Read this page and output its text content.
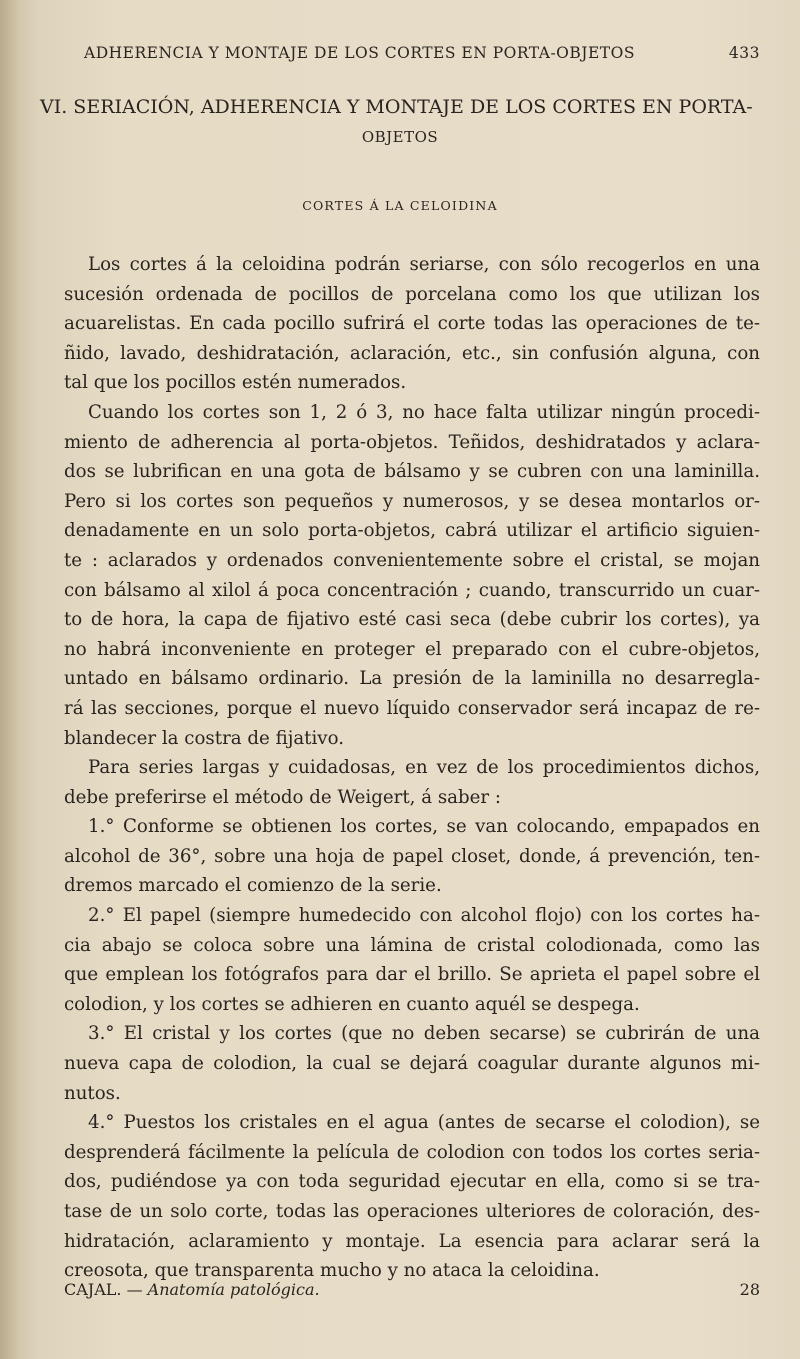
ADHERENCIA Y MONTAJE DE LOS CORTES EN PORTA-OBJETOS	433
VI. SERIACIÓN, ADHERENCIA Y MONTAJE DE LOS CORTES EN PORTA-
OBJETOS
CORTES Á LA CELOIDINA
Los cortes á la celoidina podrán seriarse, con sólo recogerlos en una
sucesión ordenada de pocillos de porcelana como los que utilizan los
acuarelistas. En cada pocillo sufrirá el corte todas las operaciones de te-
ñido, lavado, deshidratación, aclaración, etc., sin confusión alguna, con
tal que los pocillos estén numerados.
Cuando los cortes son 1, 2 ó 3, no hace falta utilizar ningún procedi-
miento de adherencia al porta-objetos. Teñidos, deshidratados y aclara-
dos se lubrifican en una gota de bálsamo y se cubren con una laminilla.
Pero si los cortes son pequeños y numerosos, y se desea montarlos or-
denadamente en un solo porta-objetos, cabrá utilizar el artificio siguien-
te : aclarados y ordenados convenientemente sobre el cristal, se mojan
con bálsamo al xilol á poca concentración ; cuando, transcurrido un cuar-
to de hora, la capa de fijativo esté casi seca (debe cubrir los cortes), ya
no habrá inconveniente en proteger el preparado con el cubre-objetos,
untado en bálsamo ordinario. La presión de la laminilla no desarregla-
rá las secciones, porque el nuevo líquido conservador será incapaz de re-
blandecer la costra de fijativo.
Para series largas y cuidadosas, en vez de los procedimientos dichos,
debe preferirse el método de Weigert, á saber :
1.° Conforme se obtienen los cortes, se van colocando, empapados en
alcohol de 36°, sobre una hoja de papel closet, donde, á prevención, ten-
dremos marcado el comienzo de la serie.
2.° El papel (siempre humedecido con alcohol flojo) con los cortes ha-
cia abajo se coloca sobre una lámina de cristal colodionada, como las
que emplean los fotógrafos para dar el brillo. Se aprieta el papel sobre el
colodion, y los cortes se adhieren en cuanto aquél se despega.
3.° El cristal y los cortes (que no deben secarse) se cubrirán de una
nueva capa de colodion, la cual se dejará coagular durante algunos mi-
nutos.
4.° Puestos los cristales en el agua (antes de secarse el colodion), se
desprenderá fácilmente la película de colodion con todos los cortes seria-
dos, pudiéndose ya con toda seguridad ejecutar en ella, como si se tra-
tase de un solo corte, todas las operaciones ulteriores de coloración, des-
hidratación, aclaramiento y montaje. La esencia para aclarar será la
creosota, que transparenta mucho y no ataca la celoidina.
CAJAL. — Anatomía patológica.	28
